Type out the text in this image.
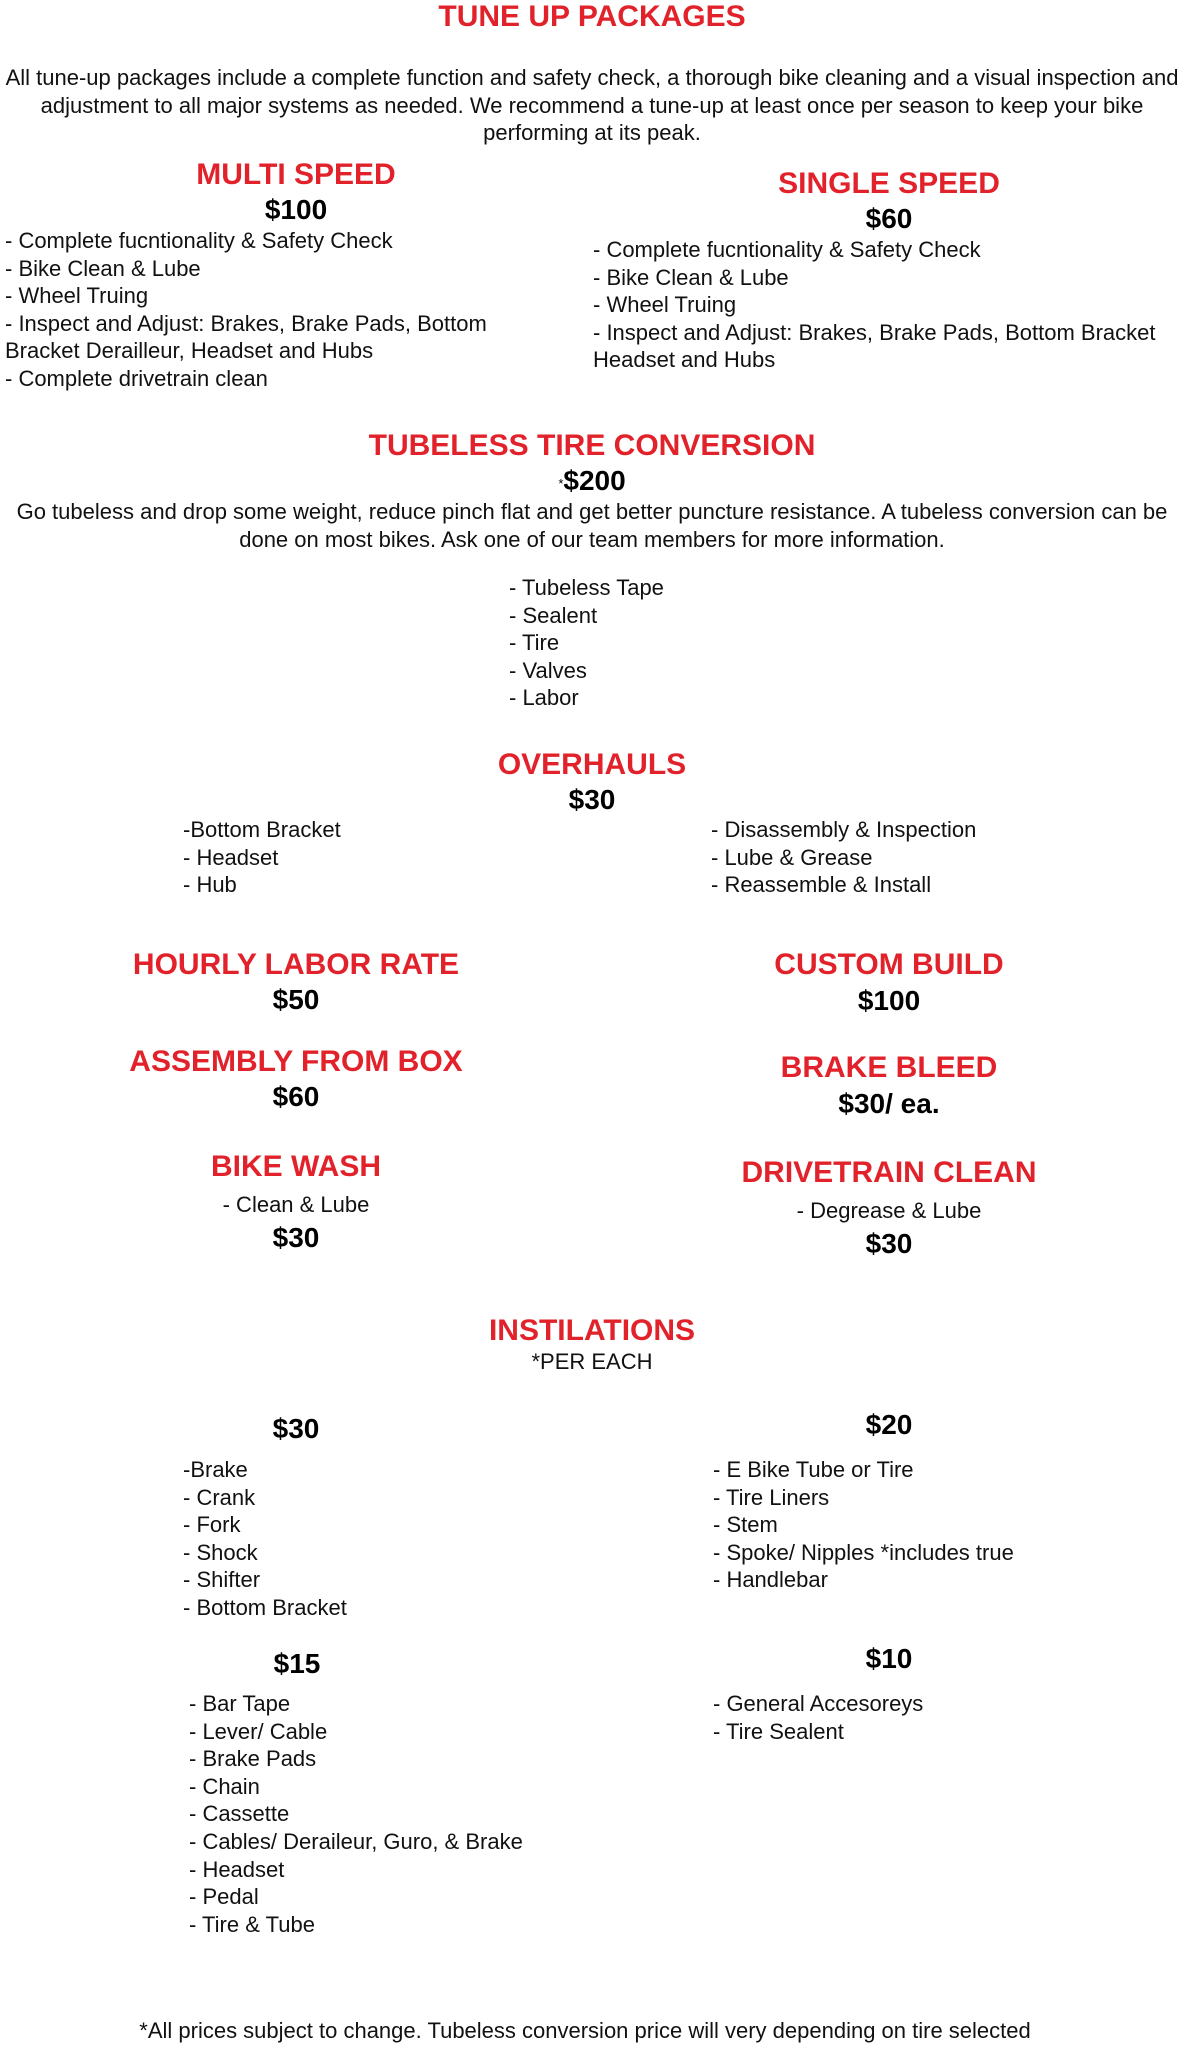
TUNE UP PACKAGES
All tune-up packages include a complete function and safety check, a thorough bike cleaning and a visual inspection and adjustment to all major systems as needed. We recommend a tune-up at least once per season to keep your bike performing at its peak.
MULTI SPEED
$100
- Complete fucntionality & Safety Check
- Bike Clean & Lube
- Wheel Truing
- Inspect and Adjust: Brakes, Brake Pads, Bottom Bracket Derailleur, Headset and Hubs
- Complete drivetrain clean
SINGLE SPEED
$60
- Complete fucntionality & Safety Check
- Bike Clean & Lube
- Wheel Truing
- Inspect and Adjust: Brakes, Brake Pads, Bottom Bracket Headset and Hubs
TUBELESS TIRE CONVERSION
*$200
Go tubeless and drop some weight, reduce pinch flat and get better puncture resistance. A tubeless conversion can be done on most bikes. Ask one of our team members for more information.
- Tubeless Tape
- Sealent
- Tire
- Valves
- Labor
OVERHAULS
$30
-Bottom Bracket
- Headset
- Hub
- Disassembly & Inspection
- Lube & Grease
- Reassemble & Install
HOURLY LABOR RATE
$50
CUSTOM BUILD
$100
ASSEMBLY FROM BOX
$60
BRAKE BLEED
$30/ ea.
BIKE WASH
- Clean & Lube
$30
DRIVETRAIN CLEAN
- Degrease & Lube
$30
INSTILATIONS
*PER EACH
$30
-Brake
- Crank
- Fork
- Shock
- Shifter
- Bottom Bracket
$20
- E Bike Tube or Tire
- Tire Liners
- Stem
- Spoke/ Nipples *includes true
- Handlebar
$15
- Bar Tape
- Lever/ Cable
- Brake Pads
- Chain
- Cassette
- Cables/ Deraileur, Guro, & Brake
- Headset
- Pedal
- Tire & Tube
$10
- General Accesoreys
- Tire Sealent
*All prices subject to change. Tubeless conversion price will very depending on tire selected
